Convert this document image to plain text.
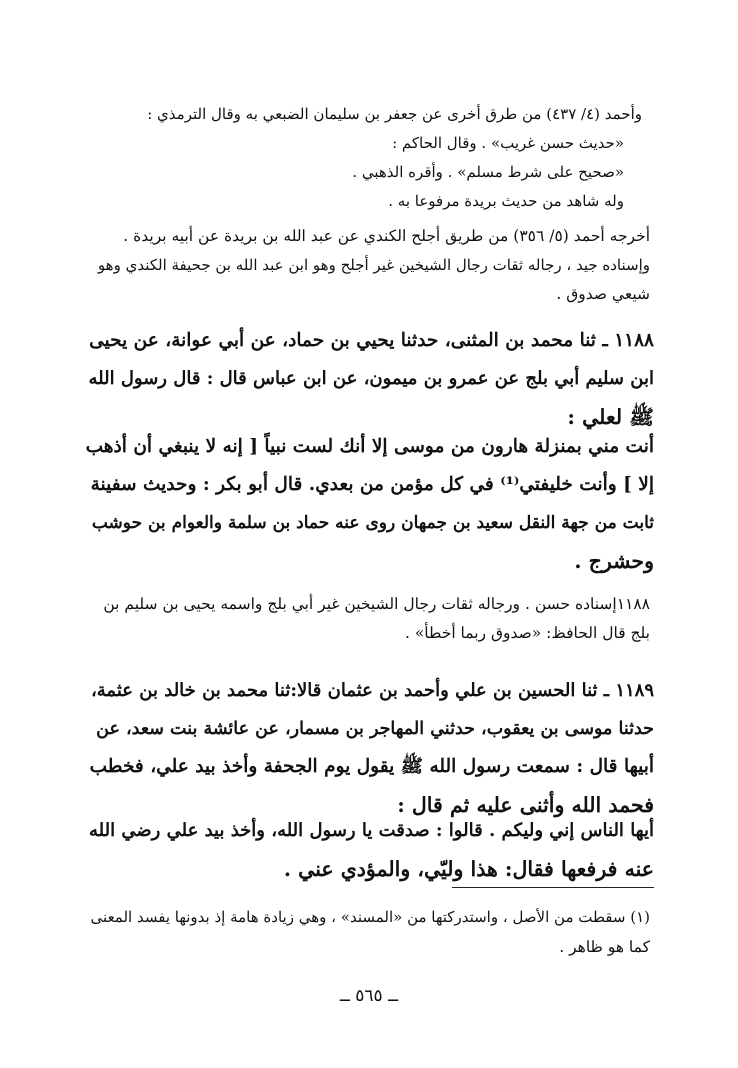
وأحمد (٤/ ٤٣٧) من طرق أخرى عن جعفر بن سليمان الضبعي به وقال الترمذي :

«حديث حسن غريب» . وقال الحاكم :

«صحيح على شرط مسلم» . وأقره الذهبي .

وله شاهد من حديث بريدة مرفوعا به .

أخرجه أحمد (٥/ ٣٥٦) من طريق أجلح الكندي عن عبد الله بن بريدة عن أبيه بريدة .

وإسناده جيد ، رجاله ثقات رجال الشيخين غير أجلح وهو ابن عبد الله بن جحيفة الكندي وهو

شيعي صدوق .

١١٨٨ ـ ثنا محمد بن المثنى، حدثنا يحيي بن حماد، عن أبي عوانة، عن يحيى

ابن سليم أبي بلج عن عمرو بن ميمون، عن ابن عباس قال : قال رسول الله

ﷺ لعلي :

أنت مني بمنزلة هارون من موسى إلا أنك لست نبياً [ إنه لا ينبغي أن أذهب

إلا ] وأنت خليفتي⁽¹⁾ في كل مؤمن من بعدي. قال أبو بكر : وحديث سفينة

ثابت من جهة النقل سعيد بن جمهان روى عنه حماد بن سلمة والعوام بن حوشب

وحشرج .

١١٨٨إسناده حسن . ورجاله ثقات رجال الشيخين غير أبي بلج واسمه يحيى بن سليم بن

بلج قال الحافظ: «صدوق ربما أخطأ» .

١١٨٩ ـ ثنا الحسين بن علي وأحمد بن عثمان قالا:ثنا محمد بن خالد بن عثمة،

حدثنا موسى بن يعقوب، حدثني المهاجر بن مسمار، عن عائشة بنت سعد، عن

أبيها قال : سمعت رسول الله ﷺ يقول يوم الجحفة وأخذ بيد علي، فخطب

فحمد الله وأثنى عليه ثم قال :

أيها الناس إني وليكم . قالوا : صدقت يا رسول الله، وأخذ بيد علي رضي الله

عنه فرفعها فقال: هذا وليّي، والمؤدي عني .

(١) سقطت من الأصل ، واستدركتها من «المسند» ، وهي زيادة هامة إذ بدونها يفسد المعنى

كما هو ظاهر .

ــ ٥٦٥ ــ
